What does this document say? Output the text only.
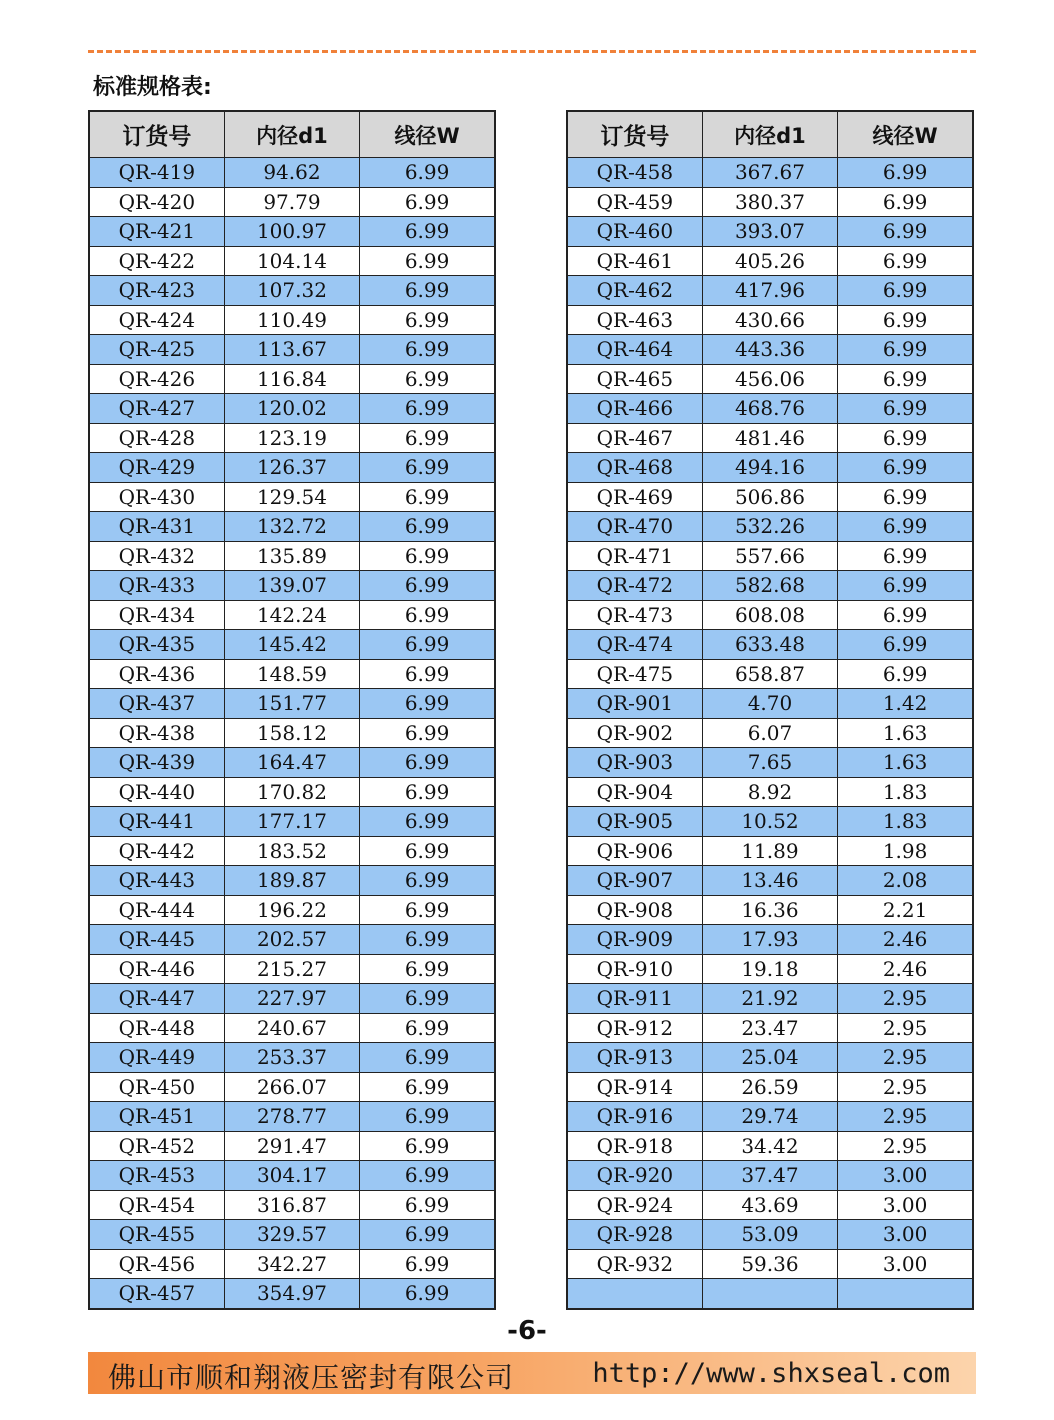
标准规格表:
订货号	内径d1	线径W
QR-419	94.62	6.99
QR-420	97.79	6.99
QR-421	100.97	6.99
QR-422	104.14	6.99
QR-423	107.32	6.99
QR-424	110.49	6.99
QR-425	113.67	6.99
QR-426	116.84	6.99
QR-427	120.02	6.99
QR-428	123.19	6.99
QR-429	126.37	6.99
QR-430	129.54	6.99
QR-431	132.72	6.99
QR-432	135.89	6.99
QR-433	139.07	6.99
QR-434	142.24	6.99
QR-435	145.42	6.99
QR-436	148.59	6.99
QR-437	151.77	6.99
QR-438	158.12	6.99
QR-439	164.47	6.99
QR-440	170.82	6.99
QR-441	177.17	6.99
QR-442	183.52	6.99
QR-443	189.87	6.99
QR-444	196.22	6.99
QR-445	202.57	6.99
QR-446	215.27	6.99
QR-447	227.97	6.99
QR-448	240.67	6.99
QR-449	253.37	6.99
QR-450	266.07	6.99
QR-451	278.77	6.99
QR-452	291.47	6.99
QR-453	304.17	6.99
QR-454	316.87	6.99
QR-455	329.57	6.99
QR-456	342.27	6.99
QR-457	354.97	6.99
订货号	内径d1	线径W
QR-458	367.67	6.99
QR-459	380.37	6.99
QR-460	393.07	6.99
QR-461	405.26	6.99
QR-462	417.96	6.99
QR-463	430.66	6.99
QR-464	443.36	6.99
QR-465	456.06	6.99
QR-466	468.76	6.99
QR-467	481.46	6.99
QR-468	494.16	6.99
QR-469	506.86	6.99
QR-470	532.26	6.99
QR-471	557.66	6.99
QR-472	582.68	6.99
QR-473	608.08	6.99
QR-474	633.48	6.99
QR-475	658.87	6.99
QR-901	4.70	1.42
QR-902	6.07	1.63
QR-903	7.65	1.63
QR-904	8.92	1.83
QR-905	10.52	1.83
QR-906	11.89	1.98
QR-907	13.46	2.08
QR-908	16.36	2.21
QR-909	17.93	2.46
QR-910	19.18	2.46
QR-911	21.92	2.95
QR-912	23.47	2.95
QR-913	25.04	2.95
QR-914	26.59	2.95
QR-916	29.74	2.95
QR-918	34.42	2.95
QR-920	37.47	3.00
QR-924	43.69	3.00
QR-928	53.09	3.00
QR-932	59.36	3.00

-6-
佛山市顺和翔液压密封有限公司	http://www.shxseal.com
